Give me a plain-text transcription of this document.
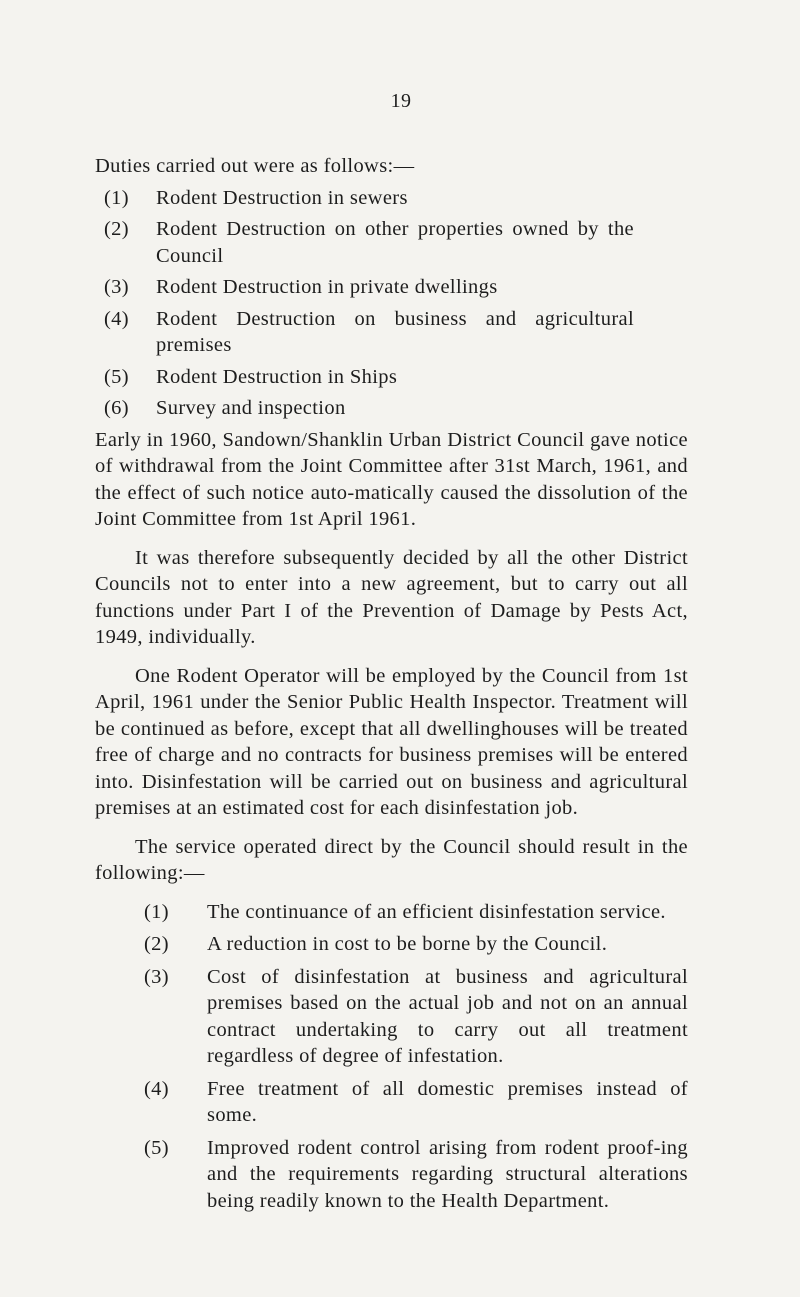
19

Duties carried out were as follows:—

(1)	Rodent Destruction in sewers
(2)	Rodent Destruction on other properties owned by the Council
(3)	Rodent Destruction in private dwellings
(4)	Rodent Destruction on business and agricultural premises
(5)	Rodent Destruction in Ships
(6)	Survey and inspection

Early in 1960, Sandown/Shanklin Urban District Council gave notice of withdrawal from the Joint Committee after 31st March, 1961, and the effect of such notice auto-matically caused the dissolution of the Joint Committee from 1st April 1961.

It was therefore subsequently decided by all the other District Councils not to enter into a new agreement, but to carry out all functions under Part I of the Prevention of Damage by Pests Act, 1949, individually.

One Rodent Operator will be employed by the Council from 1st April, 1961 under the Senior Public Health Inspector. Treatment will be continued as before, except that all dwellinghouses will be treated free of charge and no contracts for business premises will be entered into. Disinfestation will be carried out on business and agricultural premises at an estimated cost for each disinfestation job.

The service operated direct by the Council should result in the following:—

(1)	The continuance of an efficient disinfestation service.
(2)	A reduction in cost to be borne by the Council.
(3)	Cost of disinfestation at business and agricultural premises based on the actual job and not on an annual contract undertaking to carry out all treatment regardless of degree of infestation.
(4)	Free treatment of all domestic premises instead of some.
(5)	Improved rodent control arising from rodent proof-ing and the requirements regarding structural alterations being readily known to the Health Department.
